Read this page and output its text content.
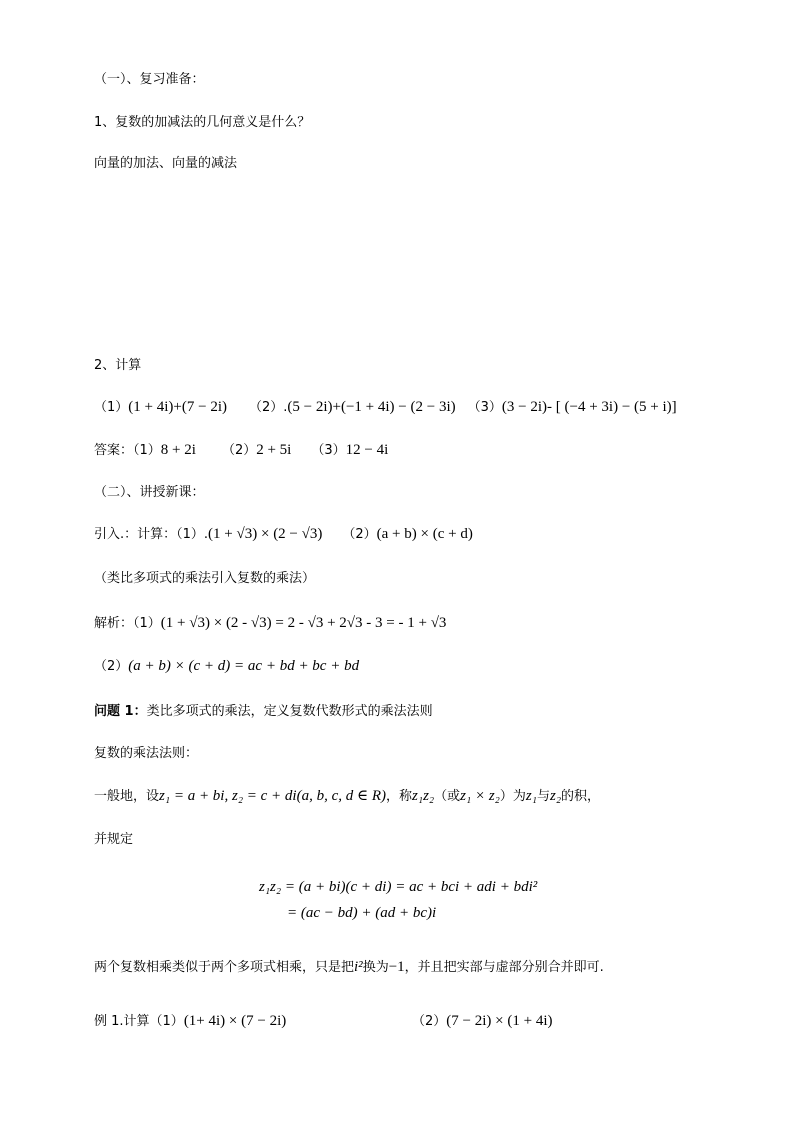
（一）、复习准备：
1、复数的加减法的几何意义是什么？
向量的加法、向量的减法
2、计算
（1）(1 + 4i)+(7 − 2i) （2）.(5 − 2i)+(−1 + 4i) − (2 − 3i) （3）(3 − 2i)- [ (−4 + 3i) − (5 + i)]
答案：（1）8 + 2i （2）2 + 5i （3）12 − 4i
（二）、讲授新课：
引入.：计算：（1）.(1 + √3) × (2 − √3) （2）(a + b) × (c + d)
（类比多项式的乘法引入复数的乘法）
解析：（1）(1 + √3) × (2 - √3) = 2 - √3 + 2√3 - 3 = - 1 + √3
（2）(a + b) × (c + d) = ac + bd + bc + bd
问题 1：类比多项式的乘法，定义复数代数形式的乘法法则
复数的乘法法则：
一般地，设z₁ = a + bi, z₂ = c + di(a, b, c, d ∈ R)，称z₁z₂（或z₁ × z₂）为z₁与z₂的积，
并规定
z₁z₂ = (a + bi)(c + di) = ac + bci + adi + bdi²
= (ac − bd) + (ad + bc)i
两个复数相乘类似于两个多项式相乘，只是把i²换为−1，并且把实部与虚部分别合并即可.
例 1.计算（1）(1+ 4i) × (7 − 2i)	（2）(7 − 2i) × (1 + 4i)
